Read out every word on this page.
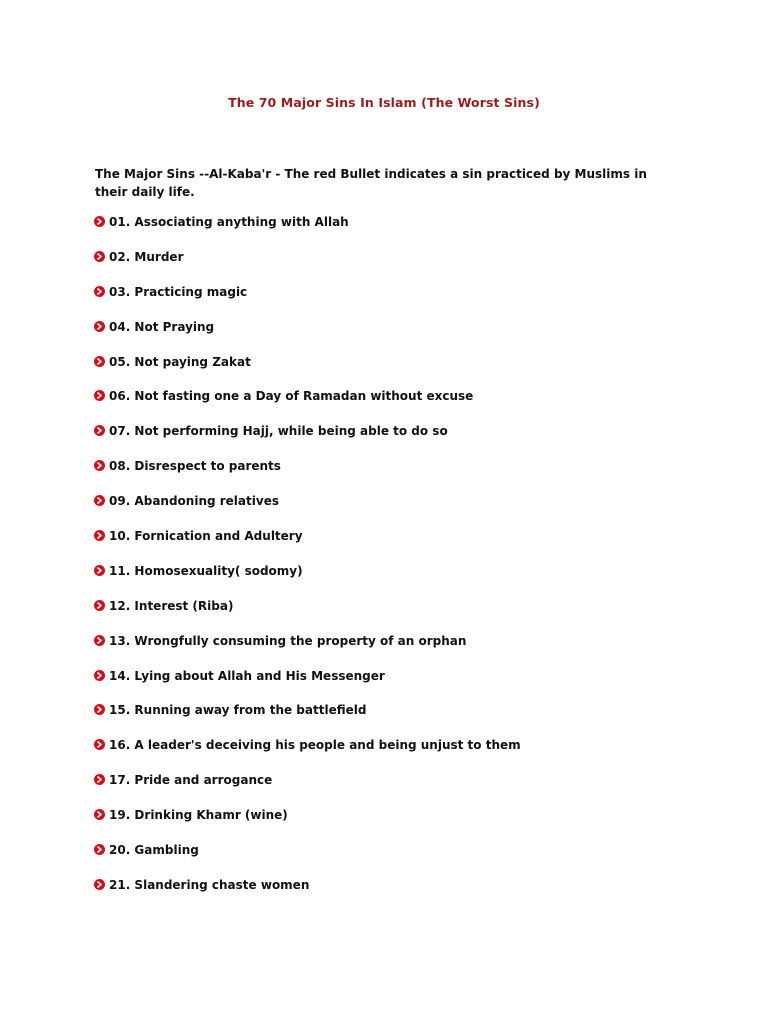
The 70 Major Sins In Islam (The Worst Sins)
The Major Sins --Al-Kaba'r - The red Bullet indicates a sin practiced by Muslims in their daily life.
01. Associating anything with Allah
02. Murder
03. Practicing magic
04. Not Praying
05. Not paying Zakat
06. Not fasting one a Day of Ramadan without excuse
07. Not performing Hajj, while being able to do so
08. Disrespect to parents
09. Abandoning relatives
10. Fornication and Adultery
11. Homosexuality( sodomy)
12. Interest (Riba)
13. Wrongfully consuming the property of an orphan
14. Lying about Allah and His Messenger
15. Running away from the battlefield
16. A leader's deceiving his people and being unjust to them
17. Pride and arrogance
19. Drinking Khamr (wine)
20. Gambling
21. Slandering chaste women
